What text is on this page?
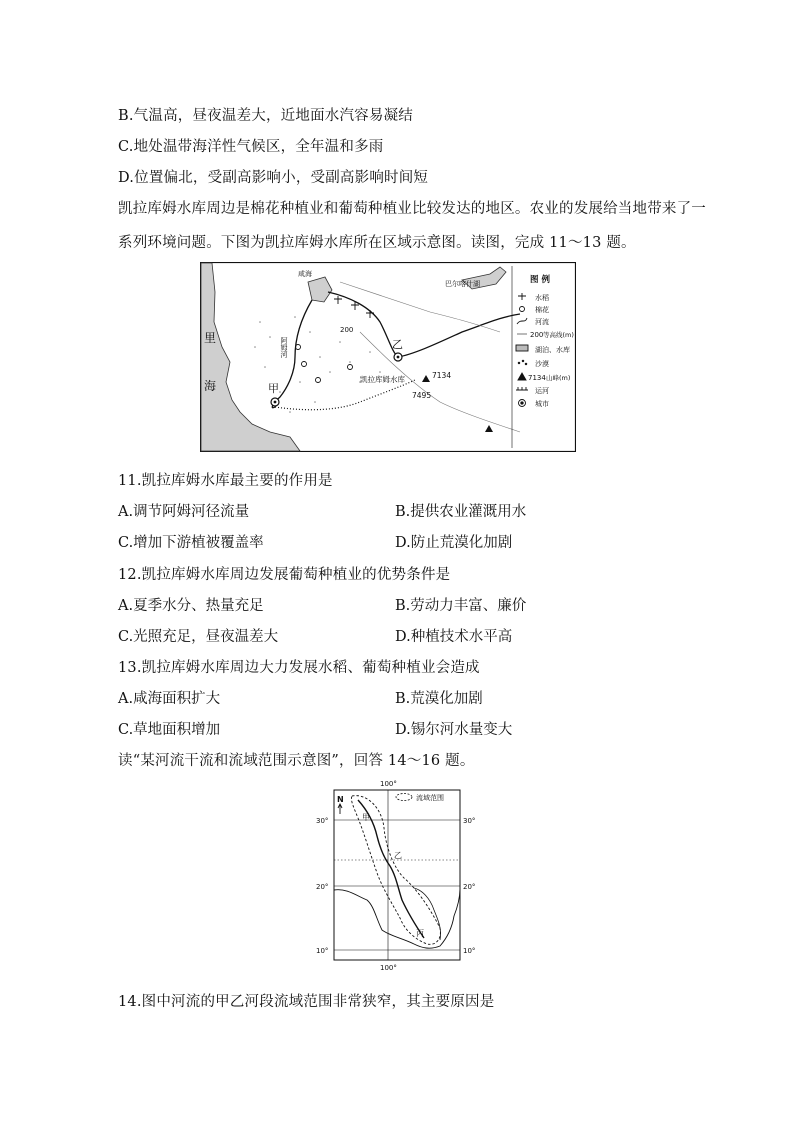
B.气温高，昼夜温差大，近地面水汽容易凝结
C.地处温带海洋性气候区，全年温和多雨
D.位置偏北，受副高影响小，受副高影响时间短
凯拉库姆水库周边是棉花种植业和葡萄种植业比较发达的地区。农业的发展给当地带来了一
系列环境问题。下图为凯拉库姆水库所在区域示意图。读图，完成 11～13 题。
里
海	甲
乙
200
凯拉库姆水库	7134
7495
咸海
巴尔喀什湖
阿姆河
图 例
水稻
棉花
河流
200 等高线(m)
湖泊、水库
沙漠
7134 山峰(m)
运河
城市
11.凯拉库姆水库最主要的作用是
A.调节阿姆河径流量	B.提供农业灌溉用水
C.增加下游植被覆盖率	D.防止荒漠化加剧
12.凯拉库姆水库周边发展葡萄种植业的优势条件是
A.夏季水分、热量充足	B.劳动力丰富、廉价
C.光照充足，昼夜温差大	D.种植技术水平高
13.凯拉库姆水库周边大力发展水稻、葡萄种植业会造成
A.咸海面积扩大	B.荒漠化加剧
C.草地面积增加	D.锡尔河水量变大
读“某河流干流和流域范围示意图”，回答 14～16 题。
100°
100°
30°	30°
20°	20°
10°	10°
N	流域范围
甲
乙
丙
14.图中河流的甲乙河段流域范围非常狭窄，其主要原因是
